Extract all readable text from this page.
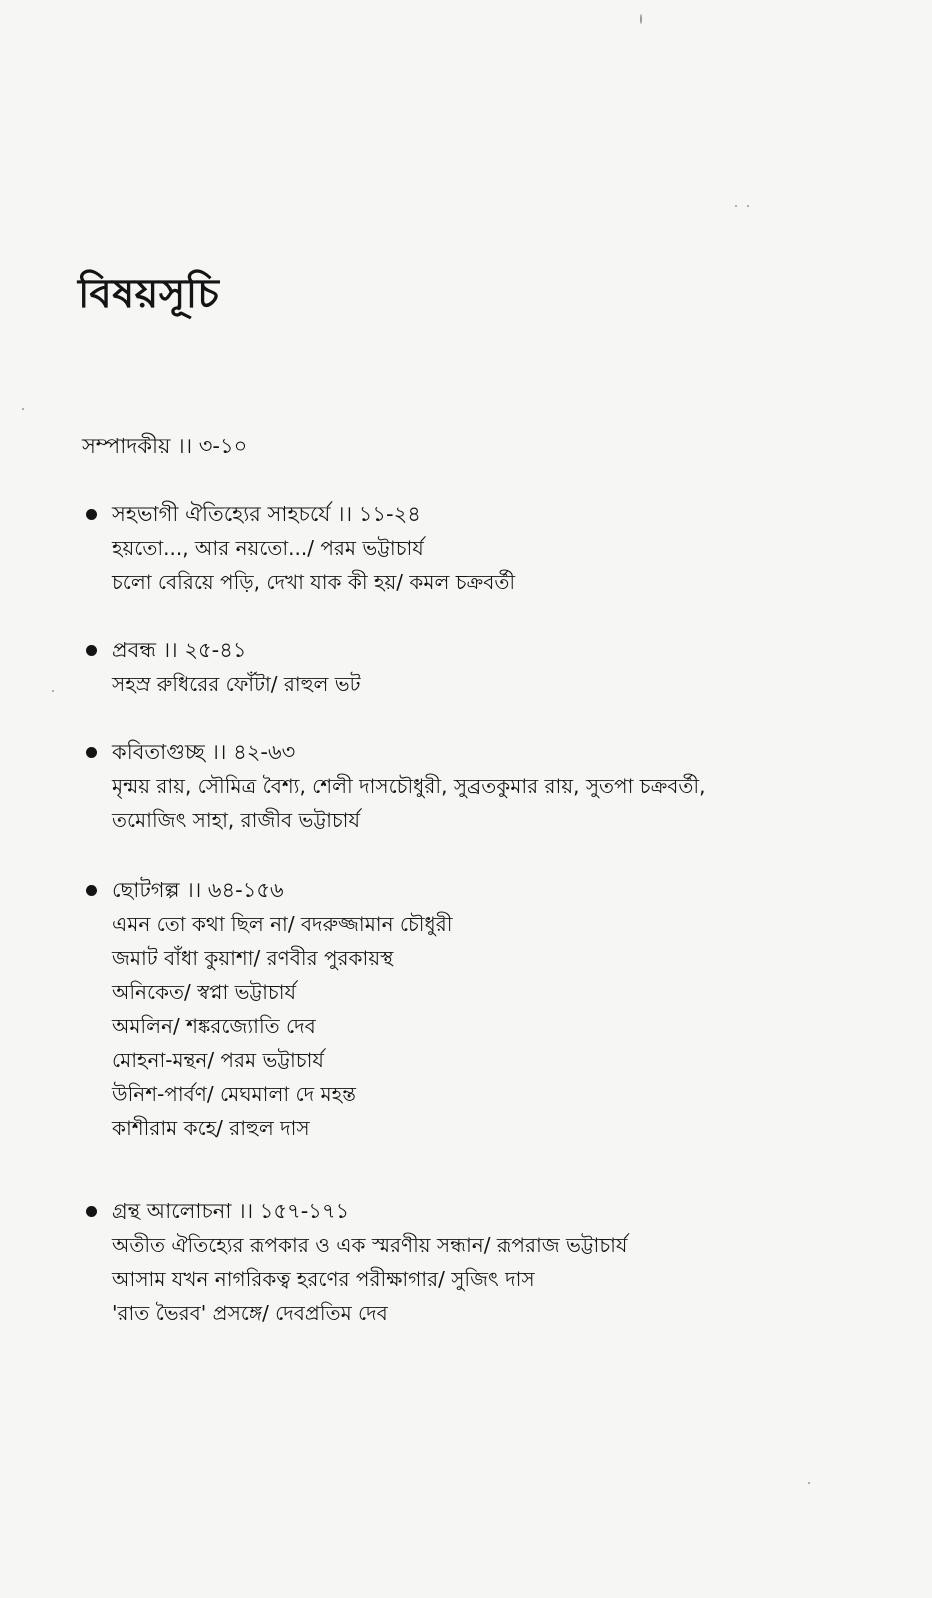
বিষয়সূচি
সম্পাদকীয় ।। ৩-১০
সহভাগী ঐতিহ্যের সাহচর্যে ।। ১১-২৪
হয়তো..., আর নয়তো.../ পরম ভট্টাচার্য
চলো বেরিয়ে পড়ি, দেখা যাক কী হয়/ কমল চক্রবর্তী
প্রবন্ধ ।। ২৫-৪১
সহস্র রুধিরের ফোঁটা/ রাহুল ভট
কবিতাগুচ্ছ ।। ৪২-৬৩
মৃন্ময় রায়, সৌমিত্র বৈশ্য, শেলী দাসচৌধুরী, সুব্রতকুমার রায়, সুতপা চক্রবর্তী,
তমোজিৎ সাহা, রাজীব ভট্টাচার্য
ছোটগল্প ।। ৬৪-১৫৬
এমন তো কথা ছিল না/ বদরুজ্জামান চৌধুরী
জমাট বাঁধা কুয়াশা/ রণবীর পুরকায়স্থ
অনিকেত/ স্বপ্না ভট্টাচার্য
অমলিন/ শঙ্করজ্যোতি দেব
মোহনা-মন্থন/ পরম ভট্টাচার্য
উনিশ-পার্বণ/ মেঘমালা দে মহন্ত
কাশীরাম কহে/ রাহুল দাস
গ্রন্থ আলোচনা ।। ১৫৭-১৭১
অতীত ঐতিহ্যের রূপকার ও এক স্মরণীয় সন্ধান/ রূপরাজ ভট্টাচার্য
আসাম যখন নাগরিকত্ব হরণের পরীক্ষাগার/ সুজিৎ দাস
'রাত ভৈরব' প্রসঙ্গে/ দেবপ্রতিম দেব
